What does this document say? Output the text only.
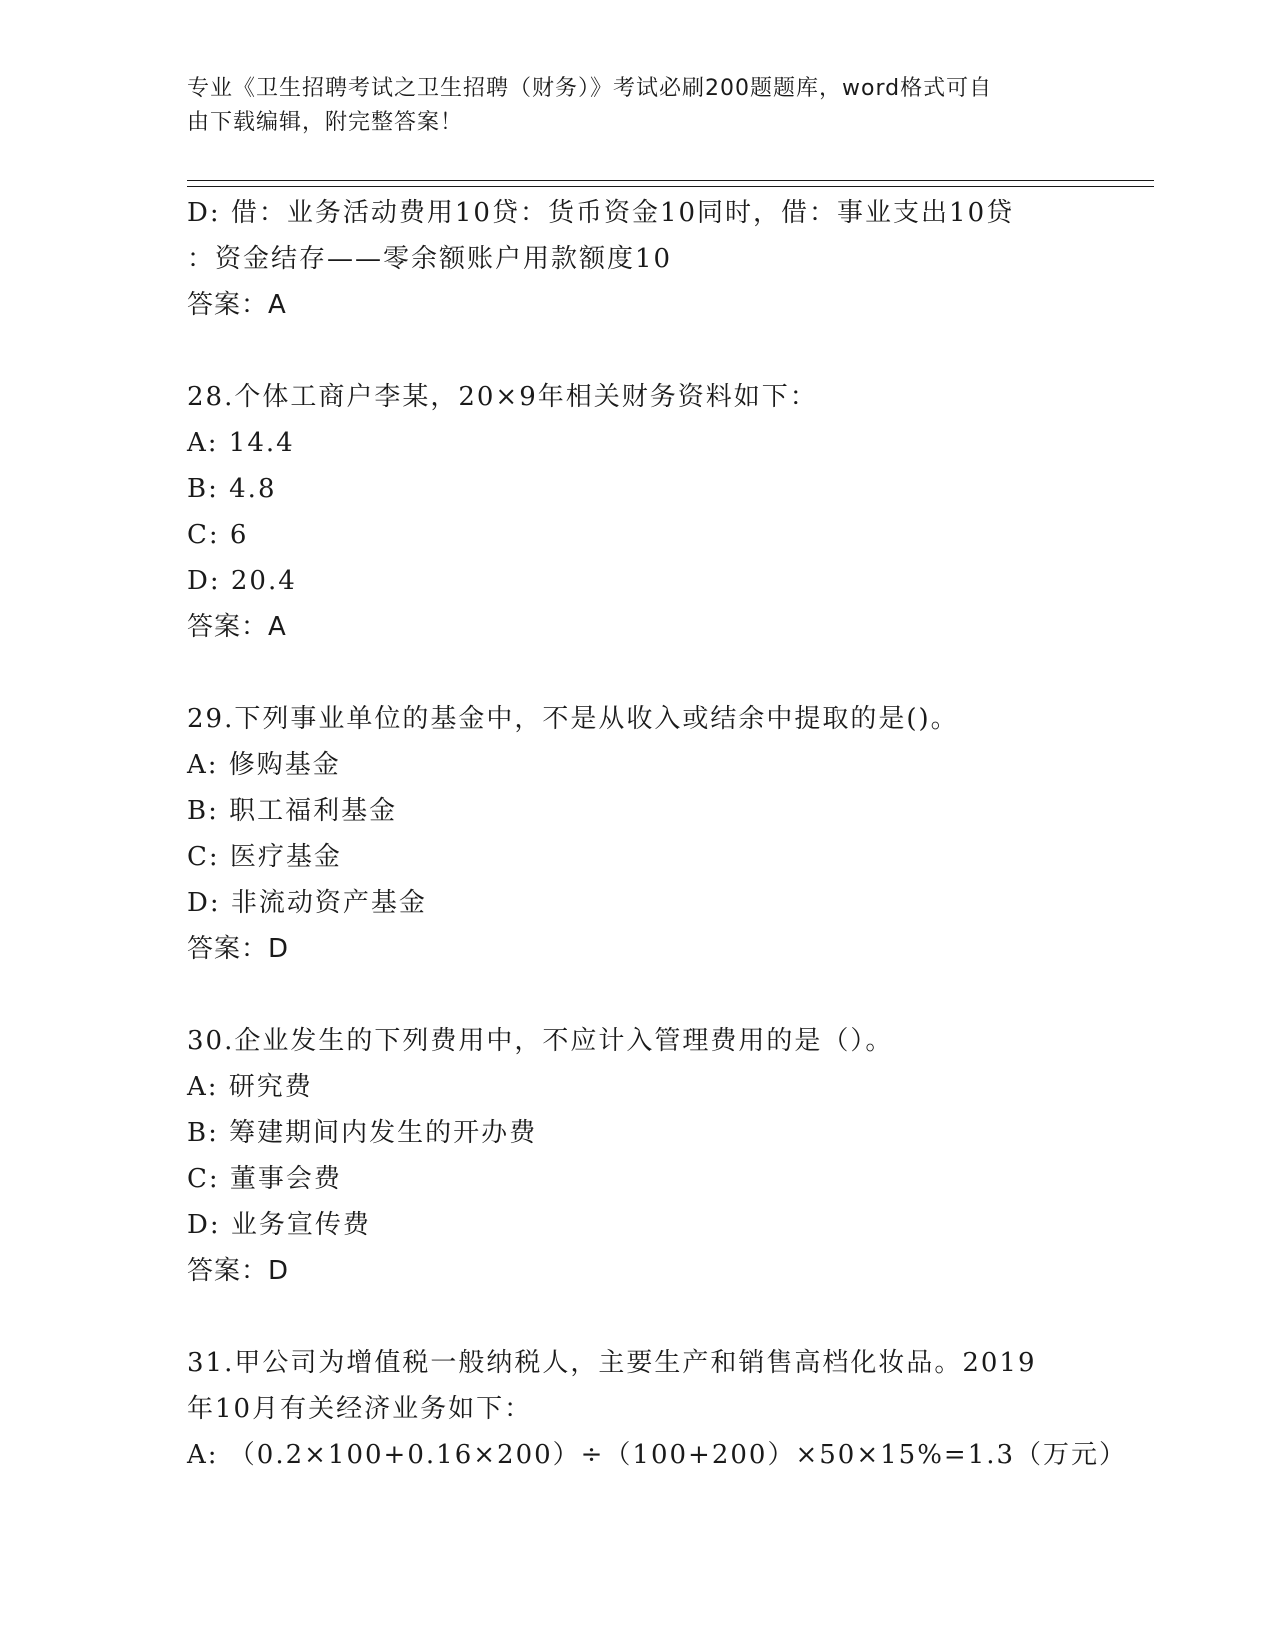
专业《卫生招聘考试之卫生招聘（财务）》考试必刷200题题库，word格式可自
由下载编辑，附完整答案！
D: 借：业务活动费用10贷：货币资金10同时，借：事业支出10贷
：资金结存——零余额账户用款额度10
答案：A
28.个体工商户李某，20×9年相关财务资料如下：
A: 14.4
B: 4.8
C: 6
D: 20.4
答案：A
29.下列事业单位的基金中，不是从收入或结余中提取的是()。
A: 修购基金
B: 职工福利基金
C: 医疗基金
D: 非流动资产基金
答案：D
30.企业发生的下列费用中，不应计入管理费用的是（）。
A: 研究费
B: 筹建期间内发生的开办费
C: 董事会费
D: 业务宣传费
答案：D
31.甲公司为增值税一般纳税人，主要生产和销售高档化妆品。2019
年10月有关经济业务如下：
A: （0.2×100+0.16×200）÷（100+200）×50×15%=1.3（万元）
